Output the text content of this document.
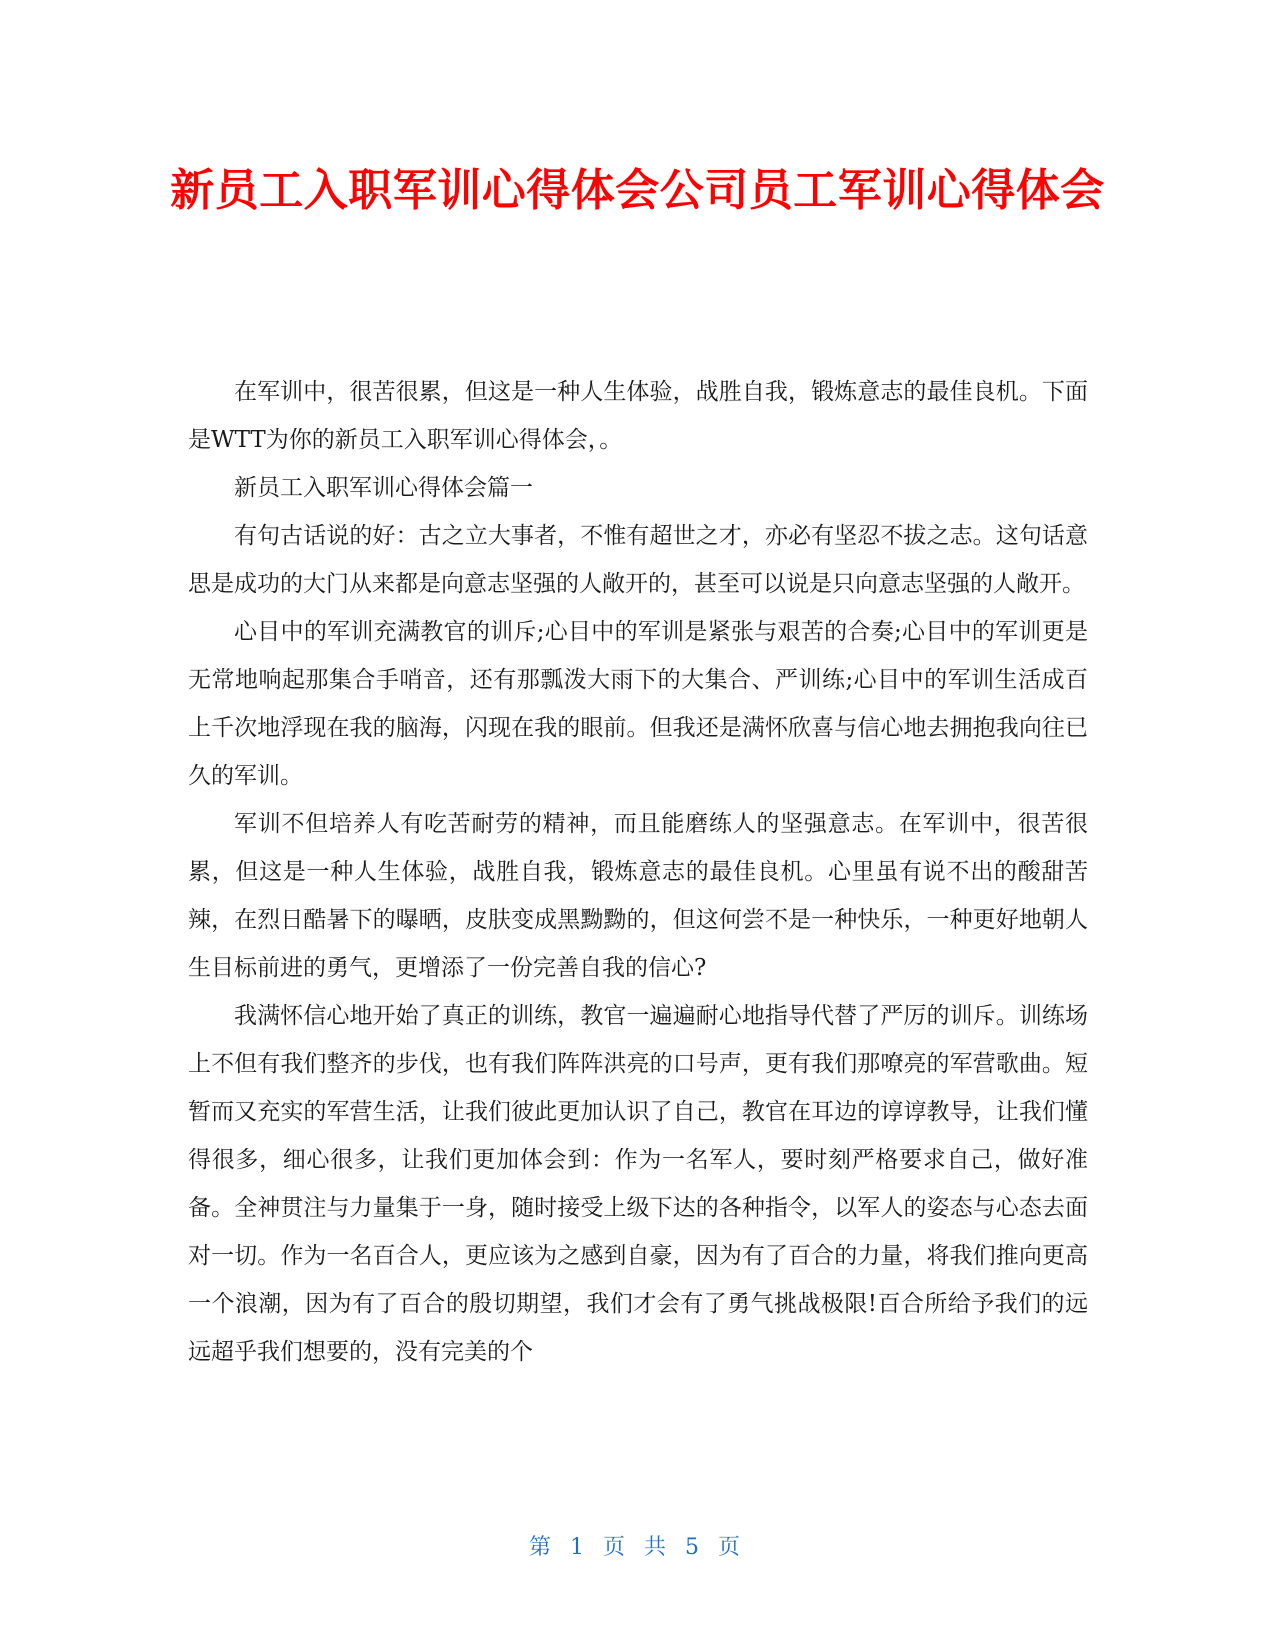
新员工入职军训心得体会公司员工军训心得体会

在军训中，很苦很累，但这是一种人生体验，战胜自我，锻炼意志的最佳良机。下面是WTT为你的新员工入职军训心得体会，。

新员工入职军训心得体会篇一

有句古话说的好：古之立大事者，不惟有超世之才，亦必有坚忍不拔之志。这句话意思是成功的大门从来都是向意志坚强的人敞开的，甚至可以说是只向意志坚强的人敞开。

心目中的军训充满教官的训斥;心目中的军训是紧张与艰苦的合奏;心目中的军训更是无常地响起那集合手哨音，还有那瓢泼大雨下的大集合、严训练;心目中的军训生活成百上千次地浮现在我的脑海，闪现在我的眼前。但我还是满怀欣喜与信心地去拥抱我向往已久的军训。

军训不但培养人有吃苦耐劳的精神，而且能磨练人的坚强意志。在军训中，很苦很累，但这是一种人生体验，战胜自我，锻炼意志的最佳良机。心里虽有说不出的酸甜苦辣，在烈日酷暑下的曝晒，皮肤变成黑黝黝的，但这何尝不是一种快乐，一种更好地朝人生目标前进的勇气，更增添了一份完善自我的信心?

我满怀信心地开始了真正的训练，教官一遍遍耐心地指导代替了严厉的训斥。训练场上不但有我们整齐的步伐，也有我们阵阵洪亮的口号声，更有我们那嘹亮的军营歌曲。短暂而又充实的军营生活，让我们彼此更加认识了自己，教官在耳边的谆谆教导，让我们懂得很多，细心很多，让我们更加体会到：作为一名军人，要时刻严格要求自己，做好准备。全神贯注与力量集于一身，随时接受上级下达的各种指令，以军人的姿态与心态去面对一切。作为一名百合人，更应该为之感到自豪，因为有了百合的力量，将我们推向更高一个浪潮，因为有了百合的殷切期望，我们才会有了勇气挑战极限!百合所给予我们的远远超乎我们想要的，没有完美的个

第 1 页 共 5 页
